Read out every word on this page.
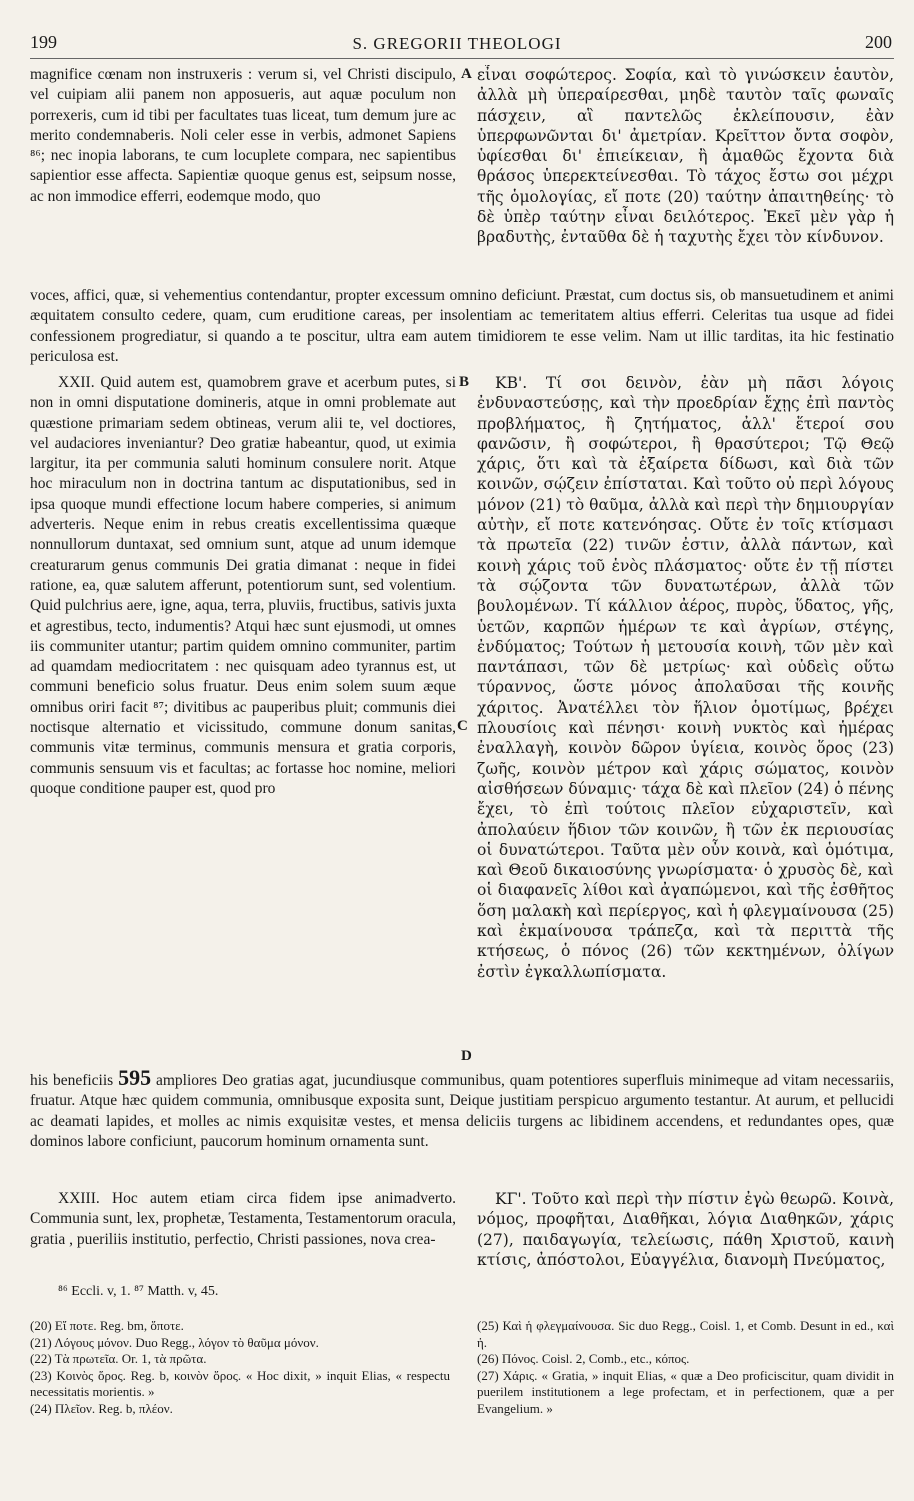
199	S. GREGORII THEOLOGI	200

magnifice cœnam non instruxeris : verum si, vel Christi discipulo, vel cuipiam alii panem non apposueris, aut aquæ poculum non porrexeris, cum id tibi per facultates tuas liceat, tum demum jure ac merito condemnaberis. Noli celer esse in verbis, admonet Sapiens ⁸⁶; nec inopia laborans, te cum locuplete compara, nec sapientibus sapientior esse affecta. Sapientiæ quoque genus est, seipsum nosse, ac non immodice efferri, eodemque modo, quo

A εἶναι σοφώτερος. Σοφία, καὶ τὸ γινώσκειν ἑαυτὸν, ἀλλὰ μὴ ὑπεραίρεσθαι, μηδὲ ταυτὸν ταῖς φωναῖς πάσχειν, αἳ παντελῶς ἐκλείπουσιν, ἐὰν ὑπερφωνῶνται δι' ἀμετρίαν. Κρεῖττον ὄντα σοφὸν, ὑφίεσθαι δι' ἐπιείκειαν, ἢ ἀμαθῶς ἔχοντα διὰ θράσος ὑπερεκτείνεσθαι. Τὸ τάχος ἔστω σοι μέχρι τῆς ὁμολογίας, εἴ ποτε (20) ταύτην ἀπαιτηθείης· τὸ δὲ ὑπὲρ ταύτην εἶναι δειλότερος. Ἐκεῖ μὲν γὰρ ἡ βραδυτὴς, ἐνταῦθα δὲ ἡ ταχυτὴς ἔχει τὸν κίνδυνον.

voces, affici, quæ, si vehementius contendantur, propter excessum omnino deficiunt. Præstat, cum doctus sis, ob mansuetudinem et animi æquitatem consulto cedere, quam, cum eruditione careas, per insolentiam ac temeritatem altius efferri. Celeritas tua usque ad fidei confessionem progrediatur, si quando a te poscitur, ultra eam autem timidiorem te esse velim. Nam ut illic tarditas, ita hic festinatio periculosa est.

XXII. Quid autem est, quamobrem grave et acerbum putes, si non in omni disputatione domineris, atque in omni problemate aut quæstione primariam sedem obtineas, verum alii te, vel doctiores, vel audaciores inveniantur? Deo gratiæ habeantur, quod, ut eximia largitur, ita per communia saluti hominum consulere norit. Atque hoc miraculum non in doctrina tantum ac disputationibus, sed in ipsa quoque mundi effectione locum habere comperies, si animum adverteris. Neque enim in rebus creatis excellentissima quæque nonnullorum duntaxat, sed omnium sunt, atque ad unum idemque creaturarum genus communis Dei gratia dimanat : neque in fidei ratione, ea, quæ salutem afferunt, potentiorum sunt, sed volentium. Quid pulchrius aere, igne, aqua, terra, pluviis, fructibus, sativis juxta et agrestibus, tecto, indumentis? Atqui hæc sunt ejusmodi, ut omnes iis communiter utantur; partim quidem omnino communiter, partim ad quamdam mediocritatem : nec quisquam adeo tyrannus est, ut communi beneficio solus fruatur. Deus enim solem suum æque omnibus oriri facit ⁸⁷; divitibus ac pauperibus pluit; communis diei noctisque alternatio et vicissitudo, commune donum sanitas, communis vitæ terminus, communis mensura et gratia corporis, communis sensuum vis et facultas; ac fortasse hoc nomine, meliori quoque conditione pauper est, quod pro

B
C
D

ΚΒ'. Τί σοι δεινὸν, ἐὰν μὴ πᾶσι λόγοις ἐνδυναστεύσῃς, καὶ τὴν προεδρίαν ἔχῃς ἐπὶ παντὸς προβλήματος, ἢ ζητήματος, ἀλλ' ἕτεροί σου φανῶσιν, ἢ σοφώτεροι, ἢ θρασύτεροι; Τῷ Θεῷ χάρις, ὅτι καὶ τὰ ἐξαίρετα δίδωσι, καὶ διὰ τῶν κοινῶν, σῴζειν ἐπίσταται. Καὶ τοῦτο οὐ περὶ λόγους μόνον (21) τὸ θαῦμα, ἀλλὰ καὶ περὶ τὴν δημιουργίαν αὐτὴν, εἴ ποτε κατενόησας. Οὔτε ἐν τοῖς κτίσμασι τὰ πρωτεῖα (22) τινῶν ἐστιν, ἀλλὰ πάντων, καὶ κοινὴ χάρις τοῦ ἑνὸς πλάσματος· οὔτε ἐν τῇ πίστει τὰ σῴζοντα τῶν δυνατωτέρων, ἀλλὰ τῶν βουλομένων. Τί κάλλιον ἀέρος, πυρὸς, ὕδατος, γῆς, ὑετῶν, καρπῶν ἡμέρων τε καὶ ἀγρίων, στέγης, ἐνδύματος; Τούτων ἡ μετουσία κοινὴ, τῶν μὲν καὶ παντάπασι, τῶν δὲ μετρίως· καὶ οὐδεὶς οὕτω τύραννος, ὥστε μόνος ἀπολαῦσαι τῆς κοινῆς χάριτος. Ἀνατέλλει τὸν ἥλιον ὁμοτίμως, βρέχει πλουσίοις καὶ πένησι· κοινὴ νυκτὸς καὶ ἡμέρας ἐναλλαγὴ, κοινὸν δῶρον ὑγίεια, κοινὸς ὅρος (23) ζωῆς, κοινὸν μέτρον καὶ χάρις σώματος, κοινὸν αἰσθήσεων δύναμις· τάχα δὲ καὶ πλεῖον (24) ὁ πένης ἔχει, τὸ ἐπὶ τούτοις πλεῖον εὐχαριστεῖν, καὶ ἀπολαύειν ἥδιον τῶν κοινῶν, ἢ τῶν ἐκ περιουσίας οἱ δυνατώτεροι. Ταῦτα μὲν οὖν κοινὰ, καὶ ὁμότιμα, καὶ Θεοῦ δικαιοσύνης γνωρίσματα· ὁ χρυσὸς δὲ, καὶ οἱ διαφανεῖς λίθοι καὶ ἀγαπώμενοι, καὶ τῆς ἐσθῆτος ὅση μαλακὴ καὶ περίεργος, καὶ ἡ φλεγμαίνουσα (25) καὶ ἐκμαίνουσα τράπεζα, καὶ τὰ περιττὰ τῆς κτήσεως, ὁ πόνος (26) τῶν κεκτημένων, ὀλίγων ἐστὶν ἐγκαλλωπίσματα.

his beneficiis 595 ampliores Deo gratias agat, jucundiusque communibus, quam potentiores superfluis minimeque ad vitam necessariis, fruatur. Atque hæc quidem communia, omnibusque exposita sunt, Deique justitiam perspicuo argumento testantur. At aurum, et pellucidi ac deamati lapides, et molles ac nimis exquisitæ vestes, et mensa deliciis turgens ac libidinem accendens, et redundantes opes, quæ dominos labore conficiunt, paucorum hominum ornamenta sunt.

XXIII. Hoc autem etiam circa fidem ipse animadverto. Communia sunt, lex, prophetæ, Testamenta, Testamentorum oracula, gratia , pueriliis institutio, perfectio, Christi passiones, nova crea-

ΚΓ'. Τοῦτο καὶ περὶ τὴν πίστιν ἐγὼ θεωρῶ. Κοινὰ, νόμος, προφῆται, Διαθῆκαι, λόγια Διαθηκῶν, χάρις (27), παιδαγωγία, τελείωσις, πάθη Χριστοῦ, καινὴ κτίσις, ἀπόστολοι, Εὐαγγέλια, διανομὴ Πνεύματος,

⁸⁶ Eccli. v, 1. ⁸⁷ Matth. v, 45.

(20) Εἴ ποτε. Reg. bm, ὅποτε.

(21) Λόγους μόνον. Duo Regg., λόγον τὸ θαῦμα μόνον.

(22) Τὰ πρωτεῖα. Or. 1, τὰ πρῶτα.

(23) Κοινὸς ὅρος. Reg. b, κοινὸν ὅρος. « Hoc dixit, » inquit Elias, « respectu necessitatis morientis. »

(24) Πλεῖον. Reg. b, πλέον.

(25) Καὶ ἡ φλεγμαίνουσα. Sic duo Regg., Coisl. 1, et Comb. Desunt in ed., καὶ ἡ.

(26) Πόνος. Coisl. 2, Comb., etc., κόπος.

(27) Χάρις. « Gratia, » inquit Elias, « quæ a Deo proficiscitur, quam dividit in puerilem institutionem a lege profectam, et in perfectionem, quæ a per Evangelium. »
